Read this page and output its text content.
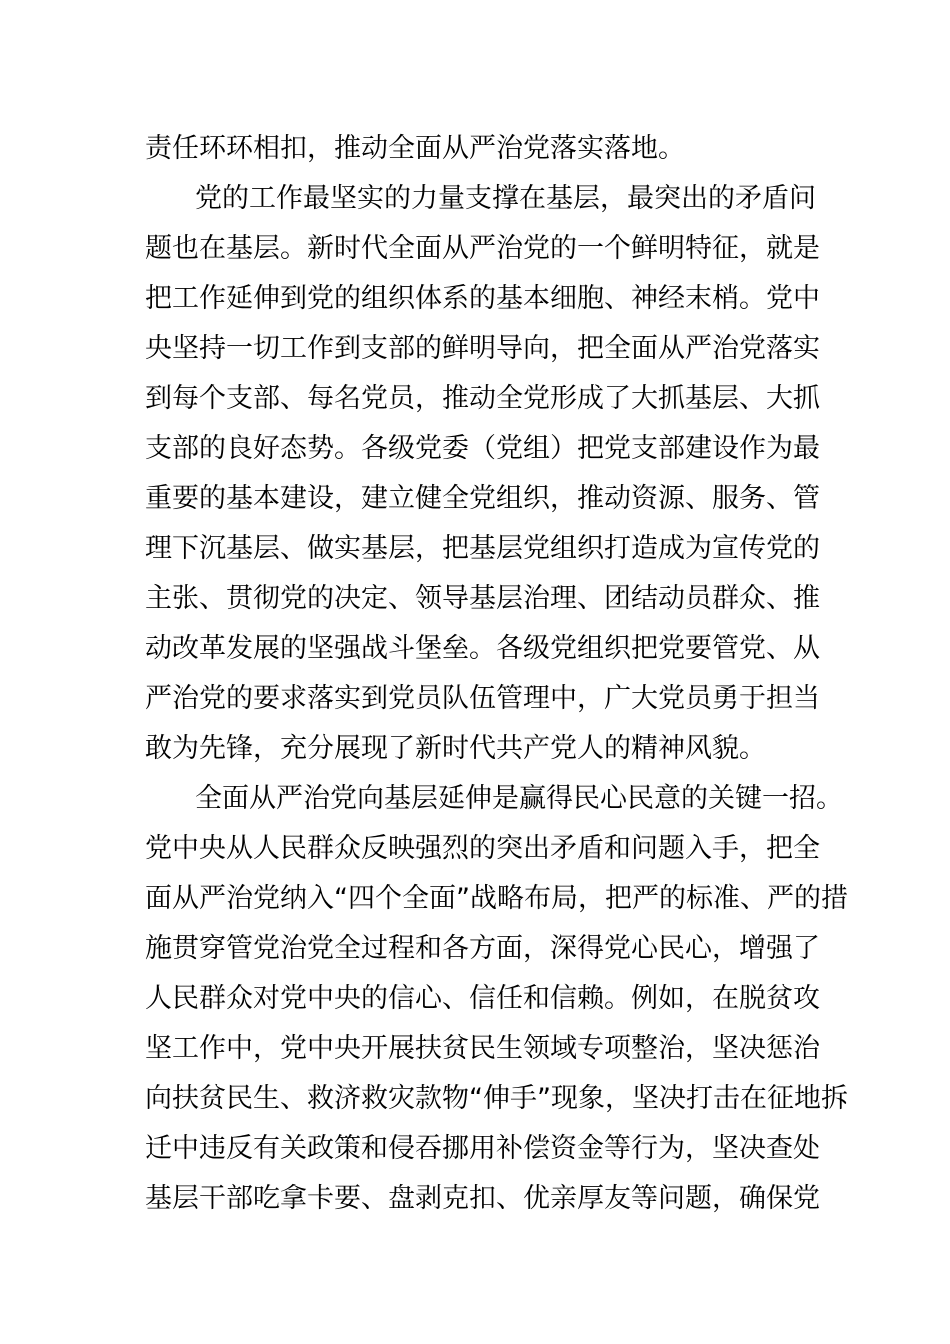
责任环环相扣，推动全面从严治党落实落地。
党的工作最坚实的力量支撑在基层，最突出的矛盾问
题也在基层。新时代全面从严治党的一个鲜明特征，就是
把工作延伸到党的组织体系的基本细胞、神经末梢。党中
央坚持一切工作到支部的鲜明导向，把全面从严治党落实
到每个支部、每名党员，推动全党形成了大抓基层、大抓
支部的良好态势。各级党委（党组）把党支部建设作为最
重要的基本建设，建立健全党组织，推动资源、服务、管
理下沉基层、做实基层，把基层党组织打造成为宣传党的
主张、贯彻党的决定、领导基层治理、团结动员群众、推
动改革发展的坚强战斗堡垒。各级党组织把党要管党、从
严治党的要求落实到党员队伍管理中，广大党员勇于担当
敢为先锋，充分展现了新时代共产党人的精神风貌。
全面从严治党向基层延伸是赢得民心民意的关键一招。
党中央从人民群众反映强烈的突出矛盾和问题入手，把全
面从严治党纳入“四个全面”战略布局，把严的标准、严的措
施贯穿管党治党全过程和各方面，深得党心民心，增强了
人民群众对党中央的信心、信任和信赖。例如，在脱贫攻
坚工作中，党中央开展扶贫民生领域专项整治，坚决惩治
向扶贫民生、救济救灾款物“伸手”现象，坚决打击在征地拆
迁中违反有关政策和侵吞挪用补偿资金等行为，坚决查处
基层干部吃拿卡要、盘剥克扣、优亲厚友等问题，确保党
